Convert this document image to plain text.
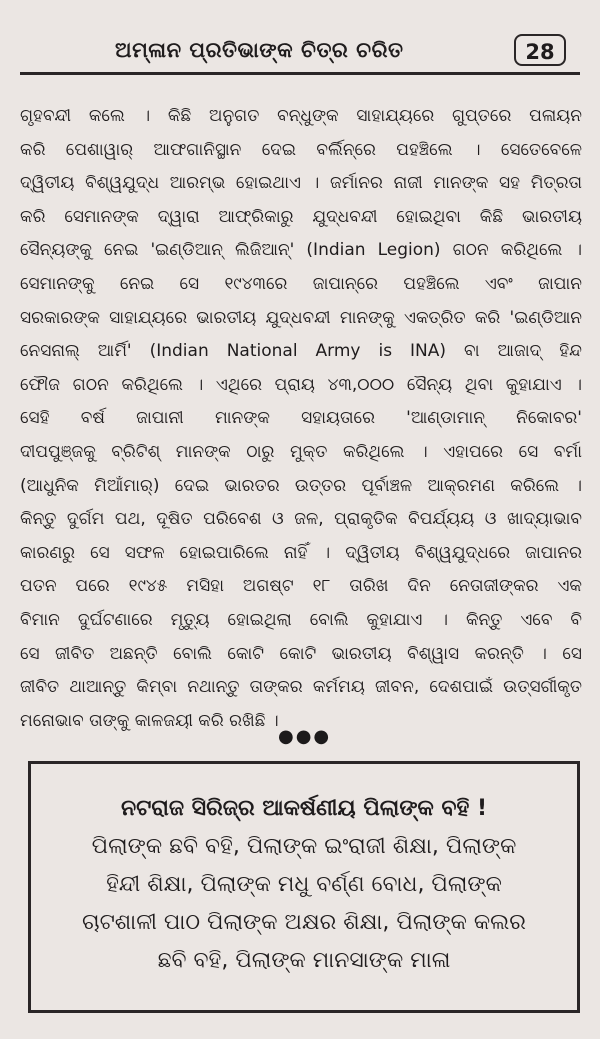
ଅମ୍ଳାନ ପ୍ରତିଭାଙ୍କ ଚିତ୍ର ଚରିତ	28
ଗୃହବନ୍ଦୀ କଲେ । କିଛି ଅନୁଗତ ବନ୍ଧୁଙ୍କ ସାହାଯ୍ୟରେ ଗୁପ୍ତରେ ପଳାୟନ
କରି ପେଶାୱାର୍ ଆଫଗାନିସ୍ଥାନ ଦେଇ ବର୍ଲିନ୍‌ରେ ପହଞ୍ଚିଲେ । ସେତେବେଳେ
ଦ୍ୱିତୀୟ ବିଶ୍ୱଯୁଦ୍ଧ ଆରମ୍ଭ ହୋଇଥାଏ । ଜର୍ମାନର ନାଜୀ ମାନଙ୍କ ସହ ମିତ୍ରତା
କରି ସେମାନଙ୍କ ଦ୍ୱାରା ଆଫ୍ରିକାରୁ ଯୁଦ୍ଧବନ୍ଦୀ ହୋଇଥିବା କିଛି ଭାରତୀୟ
ସୈନ୍ୟଙ୍କୁ ନେଇ 'ଇଣ୍ଡିଆନ୍ ଲିଜିଆନ୍' (Indian Legion) ଗଠନ କରିଥିଲେ ।
ସେମାନଙ୍କୁ ନେଇ ସେ ୧୯୪୩ରେ ଜାପାନ୍‌ରେ ପହଞ୍ଚିଲେ ଏବଂ ଜାପାନ
ସରକାରଙ୍କ ସାହାଯ୍ୟରେ ଭାରତୀୟ ଯୁଦ୍ଧବନ୍ଦୀ ମାନଙ୍କୁ ଏକତ୍ରିତ କରି 'ଇଣ୍ଡିଆନ
ନେସନାଲ୍ ଆର୍ମି' (Indian National Army is INA) ବା ଆଜାଦ୍ ହିନ୍ଦ
ଫୌଜ ଗଠନ କରିଥିଲେ । ଏଥିରେ ପ୍ରାୟ ୪୩,୦୦୦ ସୈନ୍ୟ ଥିବା କୁହାଯାଏ ।
ସେହି ବର୍ଷ ଜାପାନୀ ମାନଙ୍କ ସହାୟତାରେ 'ଆଣ୍ଡାମାନ୍ ନିକୋବର'
ଦୀପପୁଞ୍ଜକୁ ବ୍ରିଟିଶ୍ ମାନଙ୍କ ଠାରୁ ମୁକ୍ତ କରିଥିଲେ । ଏହାପରେ ସେ ବର୍ମା
(ଆଧୁନିକ ମିଆଁମାର୍) ଦେଇ ଭାରତର ଉତ୍ତର ପୂର୍ବାଞ୍ଚଳ ଆକ୍ରମଣ କରିଲେ ।
କିନ୍ତୁ ଦୁର୍ଗମ ପଥ, ଦୂଷିତ ପରିବେଶ ଓ ଜଳ, ପ୍ରାକୃତିକ ବିପର୍ଯ୍ୟୟ ଓ ଖାଦ୍ୟାଭାବ
କାରଣରୁ ସେ ସଫଳ ହୋଇପାରିଲେ ନାହିଁ । ଦ୍ୱିତୀୟ ବିଶ୍ୱଯୁଦ୍ଧରେ ଜାପାନର
ପତନ ପରେ ୧୯୪୫ ମସିହା ଅଗଷ୍ଟ ୧୮ ତାରିଖ ଦିନ ନେତାଜୀଙ୍କର ଏକ
ବିମାନ ଦୁର୍ଘଟଣାରେ ମୃତ୍ୟୁ ହୋଇଥିଲା ବୋଲି କୁହାଯାଏ । କିନ୍ତୁ ଏବେ ବି
ସେ ଜୀବିତ ଅଛନ୍ତି ବୋଲି କୋଟି କୋଟି ଭାରତୀୟ ବିଶ୍ୱାସ କରନ୍ତି । ସେ
ଜୀବିତ ଥାଆନ୍ତୁ କିମ୍ବା ନଥାନ୍ତୁ ତାଙ୍କର କର୍ମମୟ ଜୀବନ, ଦେଶପାଇଁ ଉତ୍ସର୍ଗୀକୃତ
ମନୋଭାବ ତାଙ୍କୁ କାଳଜୟୀ କରି ରଖିଛି ।
●●●
ନଟରାଜ ସିରିଜ୍‌ର ଆକର୍ଷଣୀୟ ପିଲାଙ୍କ ବହି !
ପିଲାଙ୍କ ଛବି ବହି, ପିଲାଙ୍କ ଇଂରାଜୀ ଶିକ୍ଷା, ପିଲାଙ୍କ
ହିନ୍ଦୀ ଶିକ୍ଷା, ପିଲାଙ୍କ ମଧୁ ବର୍ଣ୍ଣ ବୋଧ, ପିଲାଙ୍କ
ଚାଟଶାଳୀ ପାଠ ପିଲାଙ୍କ ଅକ୍ଷର ଶିକ୍ଷା, ପିଲାଙ୍କ କଲର
ଛବି ବହି, ପିଲାଙ୍କ ମାନସାଙ୍କ ମାଳା
